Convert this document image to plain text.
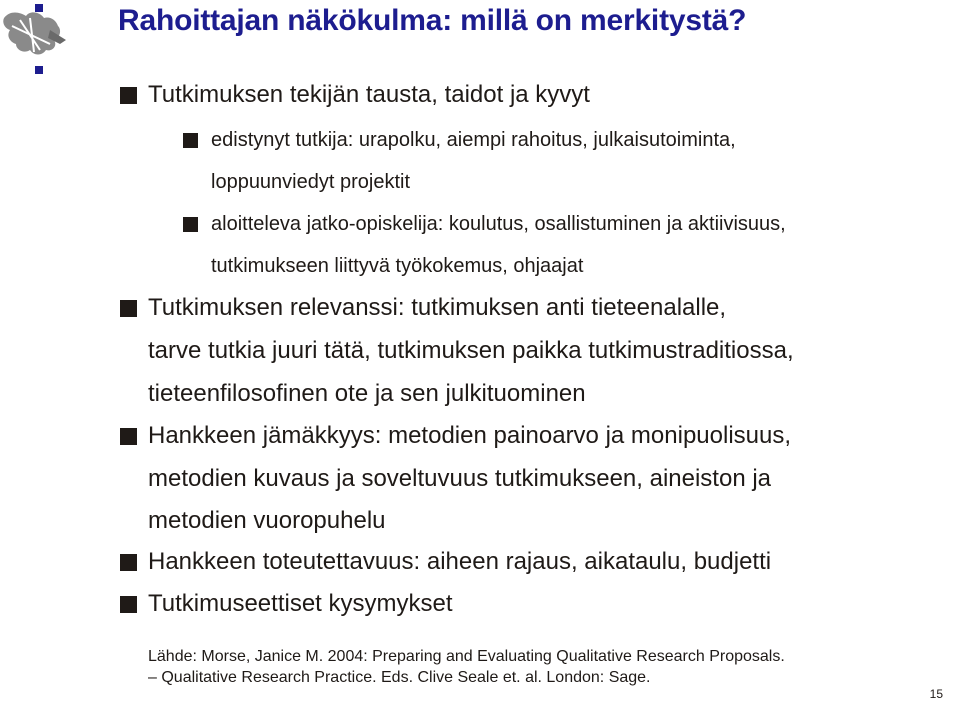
Rahoittajan näkökulma: millä on merkitystä?
Tutkimuksen tekijän tausta, taidot ja kyvyt
edistynyt tutkija: urapolku, aiempi rahoitus, julkaisutoiminta,
loppuunviedyt projektit
aloitteleva jatko-opiskelija: koulutus, osallistuminen ja aktiivisuus,
tutkimukseen liittyvä työkokemus, ohjaajat
Tutkimuksen relevanssi: tutkimuksen anti tieteenalalle,
tarve tutkia juuri tätä, tutkimuksen paikka tutkimustraditiossa,
tieteenfilosofinen ote ja sen julkituominen
Hankkeen jämäkkyys: metodien painoarvo ja monipuolisuus,
metodien kuvaus ja soveltuvuus tutkimukseen, aineiston ja
metodien vuoropuhelu
Hankkeen toteutettavuus: aiheen rajaus, aikataulu, budjetti
Tutkimuseettiset kysymykset
Lähde: Morse, Janice M. 2004: Preparing and Evaluating Qualitative Research Proposals.
– Qualitative Research Practice. Eds. Clive Seale et. al. London: Sage.
15
